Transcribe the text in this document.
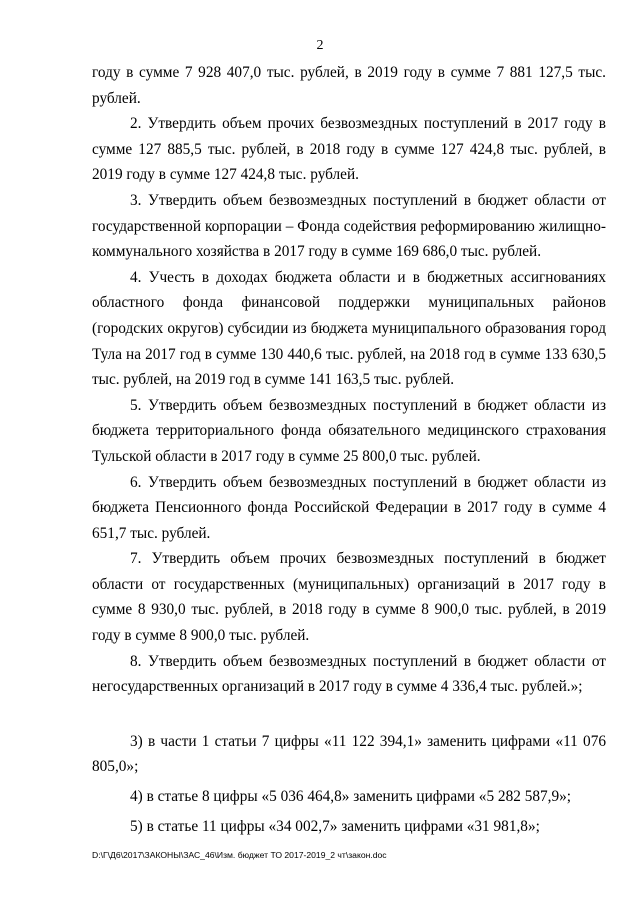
2

году в сумме 7 928 407,0 тыс. рублей, в 2019 году в сумме 7 881 127,5 тыс. рублей.

2. Утвердить объем прочих безвозмездных поступлений в 2017 году в сумме 127 885,5 тыс. рублей, в 2018 году в сумме 127 424,8 тыс. рублей, в 2019 году в сумме 127 424,8 тыс. рублей.

3. Утвердить объем безвозмездных поступлений в бюджет области от государственной корпорации – Фонда содействия реформированию жилищно-коммунального хозяйства в 2017 году в сумме 169 686,0 тыс. рублей.

4. Учесть в доходах бюджета области и в бюджетных ассигнованиях областного фонда финансовой поддержки муниципальных районов (городских округов) субсидии из бюджета муниципального образования город Тула на 2017 год в сумме 130 440,6 тыс. рублей, на 2018 год в сумме 133 630,5 тыс. рублей, на 2019 год в сумме 141 163,5 тыс. рублей.

5. Утвердить объем безвозмездных поступлений в бюджет области из бюджета территориального фонда обязательного медицинского страхования Тульской области в 2017 году в сумме 25 800,0 тыс. рублей.

6. Утвердить объем безвозмездных поступлений в бюджет области из бюджета Пенсионного фонда Российской Федерации в 2017 году в сумме 4 651,7 тыс. рублей.

7. Утвердить объем прочих безвозмездных поступлений в бюджет области от государственных (муниципальных) организаций в 2017 году в сумме 8 930,0 тыс. рублей, в 2018 году в сумме 8 900,0 тыс. рублей, в 2019 году в сумме 8 900,0 тыс. рублей.

8. Утвердить объем безвозмездных поступлений в бюджет области от негосударственных организаций в 2017 году в сумме 4 336,4 тыс. рублей.»;

3) в части 1 статьи 7 цифры «11 122 394,1» заменить цифрами «11 076 805,0»;

4) в статье 8 цифры «5 036 464,8» заменить цифрами «5 282 587,9»;

5) в статье 11 цифры «34 002,7» заменить цифрами «31 981,8»;

D:\Г\Д6\2017\ЗАКОНЫ\ЗАС_46\Изм. бюджет ТО 2017-2019_2 чт\закон.doc
